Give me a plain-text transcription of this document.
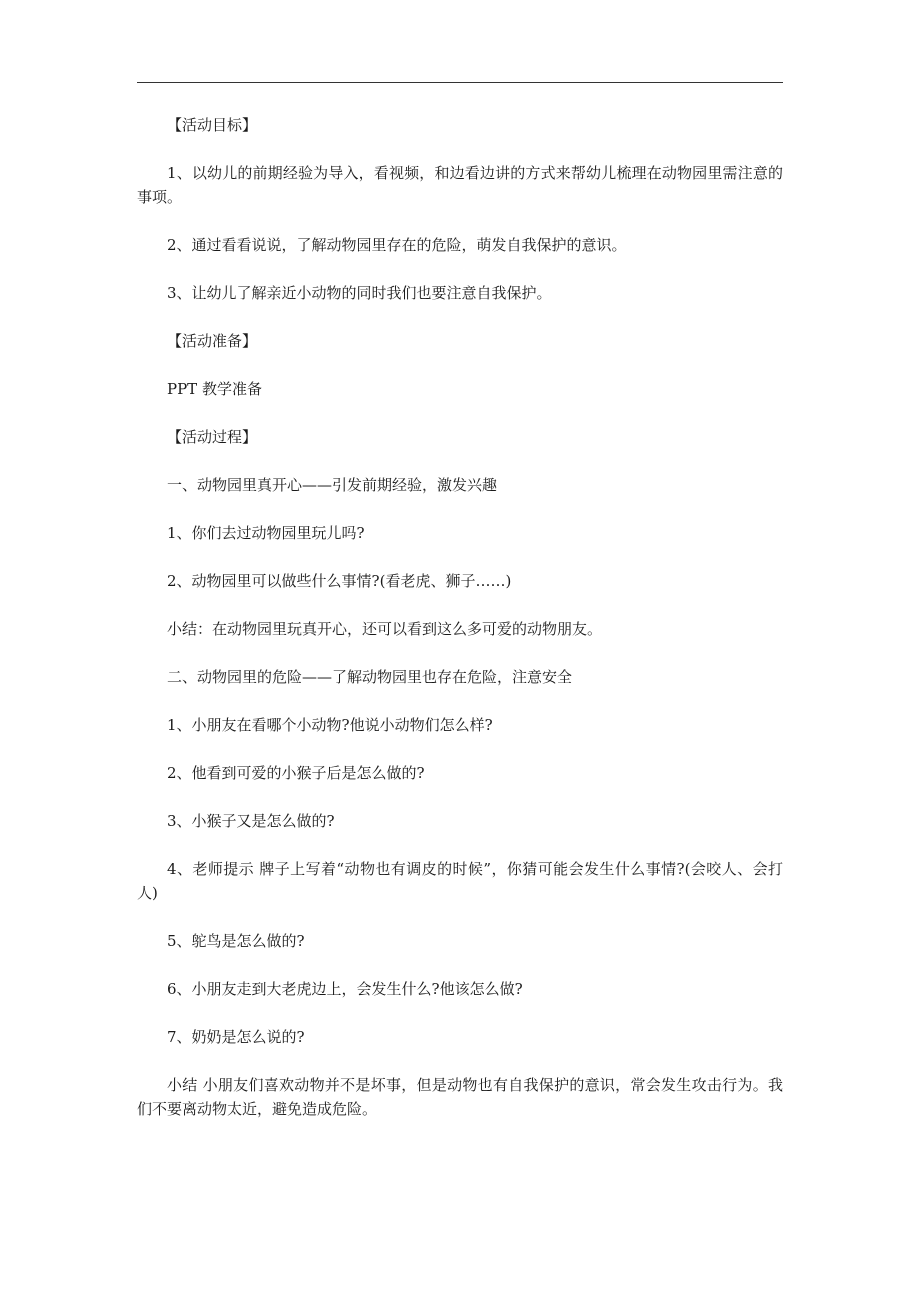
【活动目标】

1、以幼儿的前期经验为导入，看视频，和边看边讲的方式来帮幼儿梳理在动物园里需注意的事项。

2、通过看看说说，了解动物园里存在的危险，萌发自我保护的意识。

3、让幼儿了解亲近小动物的同时我们也要注意自我保护。

【活动准备】

PPT 教学准备

【活动过程】

一、动物园里真开心——引发前期经验，激发兴趣

1、你们去过动物园里玩儿吗?

2、动物园里可以做些什么事情?(看老虎、狮子……)

小结：在动物园里玩真开心，还可以看到这么多可爱的动物朋友。

二、动物园里的危险——了解动物园里也存在危险，注意安全

1、小朋友在看哪个小动物?他说小动物们怎么样?

2、他看到可爱的小猴子后是怎么做的?

3、小猴子又是怎么做的?

4、老师提示 牌子上写着“动物也有调皮的时候”，你猜可能会发生什么事情?(会咬人、会打人)

5、鸵鸟是怎么做的?

6、小朋友走到大老虎边上，会发生什么?他该怎么做?

7、奶奶是怎么说的?

小结 小朋友们喜欢动物并不是坏事，但是动物也有自我保护的意识，常会发生攻击行为。我们不要离动物太近，避免造成危险。
